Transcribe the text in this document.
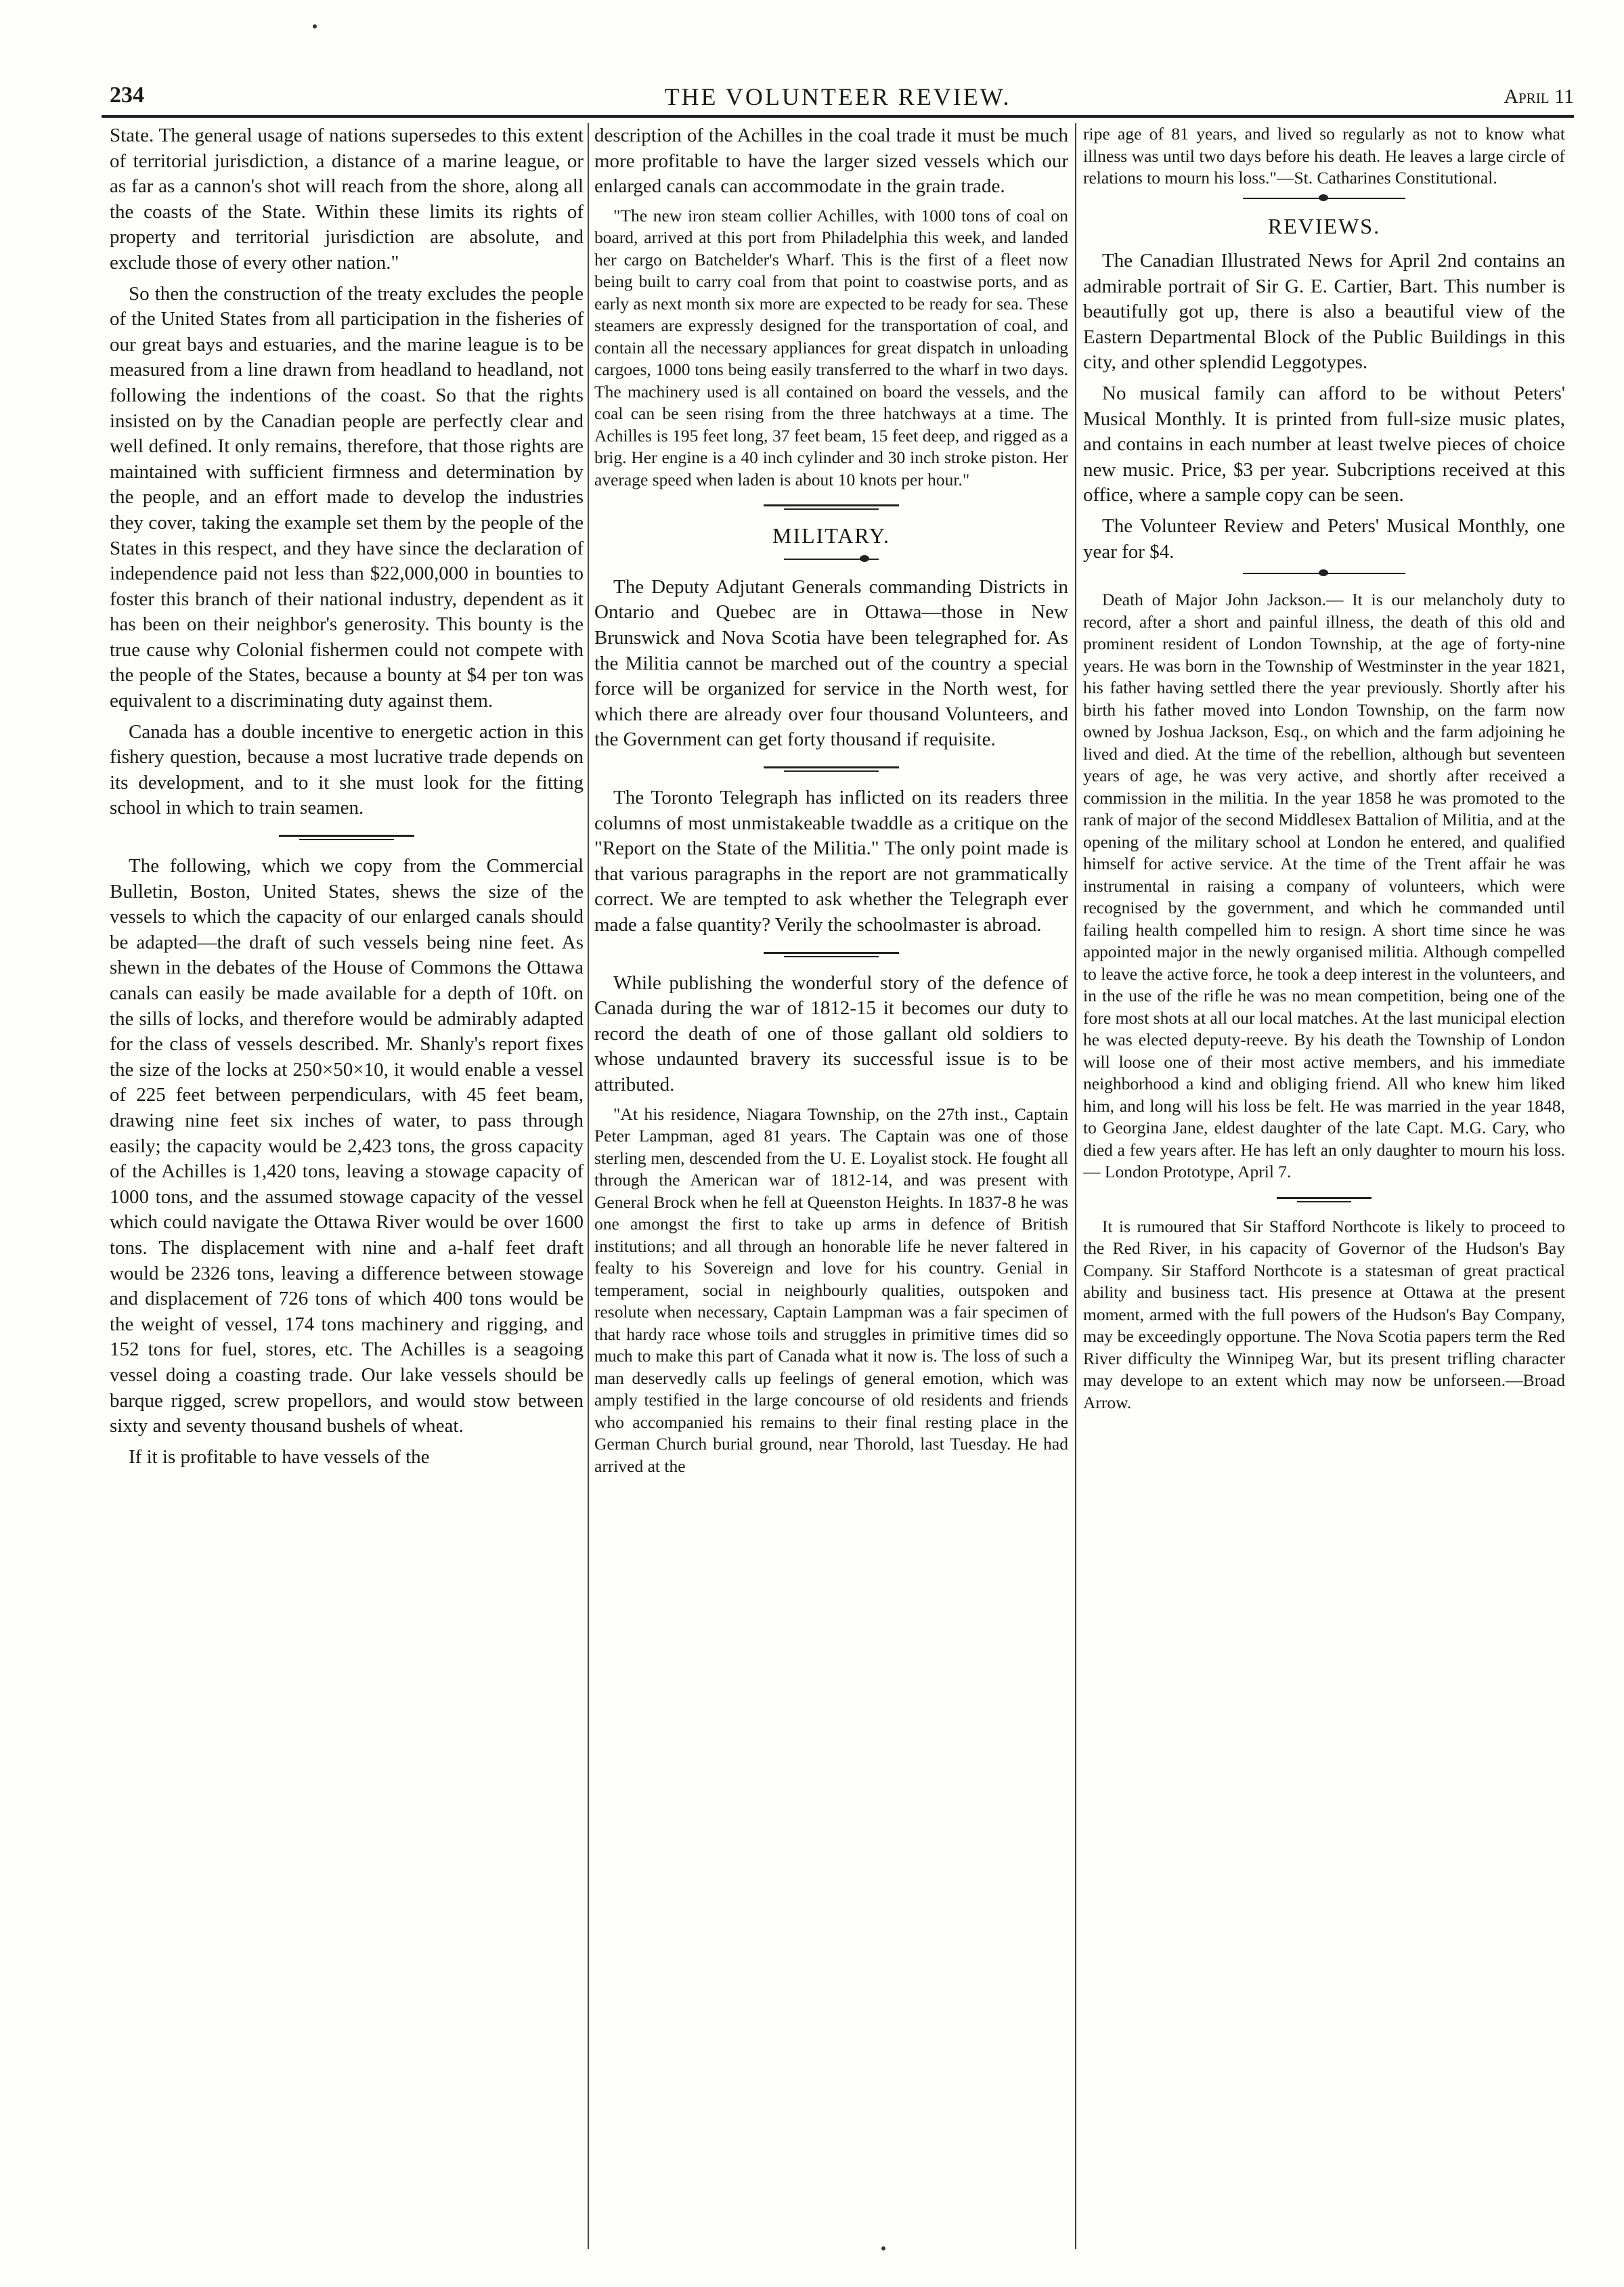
234	THE VOLUNTEER REVIEW.	April 11

State. The general usage of nations supersedes to this extent of territorial jurisdiction, a distance of a marine league, or as far as a cannon's shot will reach from the shore, along all the coasts of the State. Within these limits its rights of property and territorial jurisdiction are absolute, and exclude those of every other nation."

So then the construction of the treaty excludes the people of the United States from all participation in the fisheries of our great bays and estuaries, and the marine league is to be measured from a line drawn from headland to headland, not following the indentions of the coast. So that the rights insisted on by the Canadian people are perfectly clear and well defined. It only remains, therefore, that those rights are maintained with sufficient firmness and determination by the people, and an effort made to develop the industries they cover, taking the example set them by the people of the States in this respect, and they have since the declaration of independence paid not less than $22,000,000 in bounties to foster this branch of their national industry, dependent as it has been on their neighbor's generosity. This bounty is the true cause why Colonial fishermen could not compete with the people of the States, because a bounty at $4 per ton was equivalent to a discriminating duty against them.

Canada has a double incentive to energetic action in this fishery question, because a most lucrative trade depends on its development, and to it she must look for the fitting school in which to train seamen.

The following, which we copy from the Commercial Bulletin, Boston, United States, shews the size of the vessels to which the capacity of our enlarged canals should be adapted—the draft of such vessels being nine feet. As shewn in the debates of the House of Commons the Ottawa canals can easily be made available for a depth of 10ft. on the sills of locks, and therefore would be admirably adapted for the class of vessels described. Mr. Shanly's report fixes the size of the locks at 250×50×10, it would enable a vessel of 225 feet between perpendiculars, with 45 feet beam, drawing nine feet six inches of water, to pass through easily; the capacity would be 2,423 tons, the gross capacity of the Achilles is 1,420 tons, leaving a stowage capacity of 1000 tons, and the assumed stowage capacity of the vessel which could navigate the Ottawa River would be over 1600 tons. The displacement with nine and a-half feet draft would be 2326 tons, leaving a difference between stowage and displacement of 726 tons of which 400 tons would be the weight of vessel, 174 tons machinery and rigging, and 152 tons for fuel, stores, etc. The Achilles is a seagoing vessel doing a coasting trade. Our lake vessels should be barque rigged, screw propellors, and would stow between sixty and seventy thousand bushels of wheat.

If it is profitable to have vessels of the

description of the Achilles in the coal trade it must be much more profitable to have the larger sized vessels which our enlarged canals can accommodate in the grain trade.

"The new iron steam collier Achilles, with 1000 tons of coal on board, arrived at this port from Philadelphia this week, and landed her cargo on Batchelder's Wharf. This is the first of a fleet now being built to carry coal from that point to coastwise ports, and as early as next month six more are expected to be ready for sea. These steamers are expressly designed for the transportation of coal, and contain all the necessary appliances for great dispatch in unloading cargoes, 1000 tons being easily transferred to the wharf in two days. The machinery used is all contained on board the vessels, and the coal can be seen rising from the three hatchways at a time. The Achilles is 195 feet long, 37 feet beam, 15 feet deep, and rigged as a brig. Her engine is a 40 inch cylinder and 30 inch stroke piston. Her average speed when laden is about 10 knots per hour."

MILITARY.

The Deputy Adjutant Generals commanding Districts in Ontario and Quebec are in Ottawa—those in New Brunswick and Nova Scotia have been telegraphed for. As the Militia cannot be marched out of the country a special force will be organized for service in the North west, for which there are already over four thousand Volunteers, and the Government can get forty thousand if requisite.

The Toronto Telegraph has inflicted on its readers three columns of most unmistakeable twaddle as a critique on the "Report on the State of the Militia." The only point made is that various paragraphs in the report are not grammatically correct. We are tempted to ask whether the Telegraph ever made a false quantity? Verily the schoolmaster is abroad.

While publishing the wonderful story of the defence of Canada during the war of 1812-15 it becomes our duty to record the death of one of those gallant old soldiers to whose undaunted bravery its successful issue is to be attributed.

"At his residence, Niagara Township, on the 27th inst., Captain Peter Lampman, aged 81 years. The Captain was one of those sterling men, descended from the U. E. Loyalist stock. He fought all through the American war of 1812-14, and was present with General Brock when he fell at Queenston Heights. In 1837-8 he was one amongst the first to take up arms in defence of British institutions; and all through an honorable life he never faltered in fealty to his Sovereign and love for his country. Genial in temperament, social in neighbourly qualities, outspoken and resolute when necessary, Captain Lampman was a fair specimen of that hardy race whose toils and struggles in primitive times did so much to make this part of Canada what it now is. The loss of such a man deservedly calls up feelings of general emotion, which was amply testified in the large concourse of old residents and friends who accompanied his remains to their final resting place in the German Church burial ground, near Thorold, last Tuesday. He had arrived at the

ripe age of 81 years, and lived so regularly as not to know what illness was until two days before his death. He leaves a large circle of relations to mourn his loss."—St. Catharines Constitutional.

REVIEWS.

The Canadian Illustrated News for April 2nd contains an admirable portrait of Sir G. E. Cartier, Bart. This number is beautifully got up, there is also a beautiful view of the Eastern Departmental Block of the Public Buildings in this city, and other splendid Leggotypes.

No musical family can afford to be without Peters' Musical Monthly. It is printed from full-size music plates, and contains in each number at least twelve pieces of choice new music. Price, $3 per year. Subcriptions received at this office, where a sample copy can be seen.

The Volunteer Review and Peters' Musical Monthly, one year for $4.

Death of Major John Jackson.— It is our melancholy duty to record, after a short and painful illness, the death of this old and prominent resident of London Township, at the age of forty-nine years. He was born in the Township of Westminster in the year 1821, his father having settled there the year previously. Shortly after his birth his father moved into London Township, on the farm now owned by Joshua Jackson, Esq., on which and the farm adjoining he lived and died. At the time of the rebellion, although but seventeen years of age, he was very active, and shortly after received a commission in the militia. In the year 1858 he was promoted to the rank of major of the second Middlesex Battalion of Militia, and at the opening of the military school at London he entered, and qualified himself for active service. At the time of the Trent affair he was instrumental in raising a company of volunteers, which were recognised by the government, and which he commanded until failing health compelled him to resign. A short time since he was appointed major in the newly organised militia. Although compelled to leave the active force, he took a deep interest in the volunteers, and in the use of the rifle he was no mean competition, being one of the fore most shots at all our local matches. At the last municipal election he was elected deputy-reeve. By his death the Township of London will loose one of their most active members, and his immediate neighborhood a kind and obliging friend. All who knew him liked him, and long will his loss be felt. He was married in the year 1848, to Georgina Jane, eldest daughter of the late Capt. M.G. Cary, who died a few years after. He has left an only daughter to mourn his loss.— London Prototype, April 7.

It is rumoured that Sir Stafford Northcote is likely to proceed to the Red River, in his capacity of Governor of the Hudson's Bay Company. Sir Stafford Northcote is a statesman of great practical ability and business tact. His presence at Ottawa at the present moment, armed with the full powers of the Hudson's Bay Company, may be exceedingly opportune. The Nova Scotia papers term the Red River difficulty the Winnipeg War, but its present trifling character may develope to an extent which may now be unforseen.—Broad Arrow.
